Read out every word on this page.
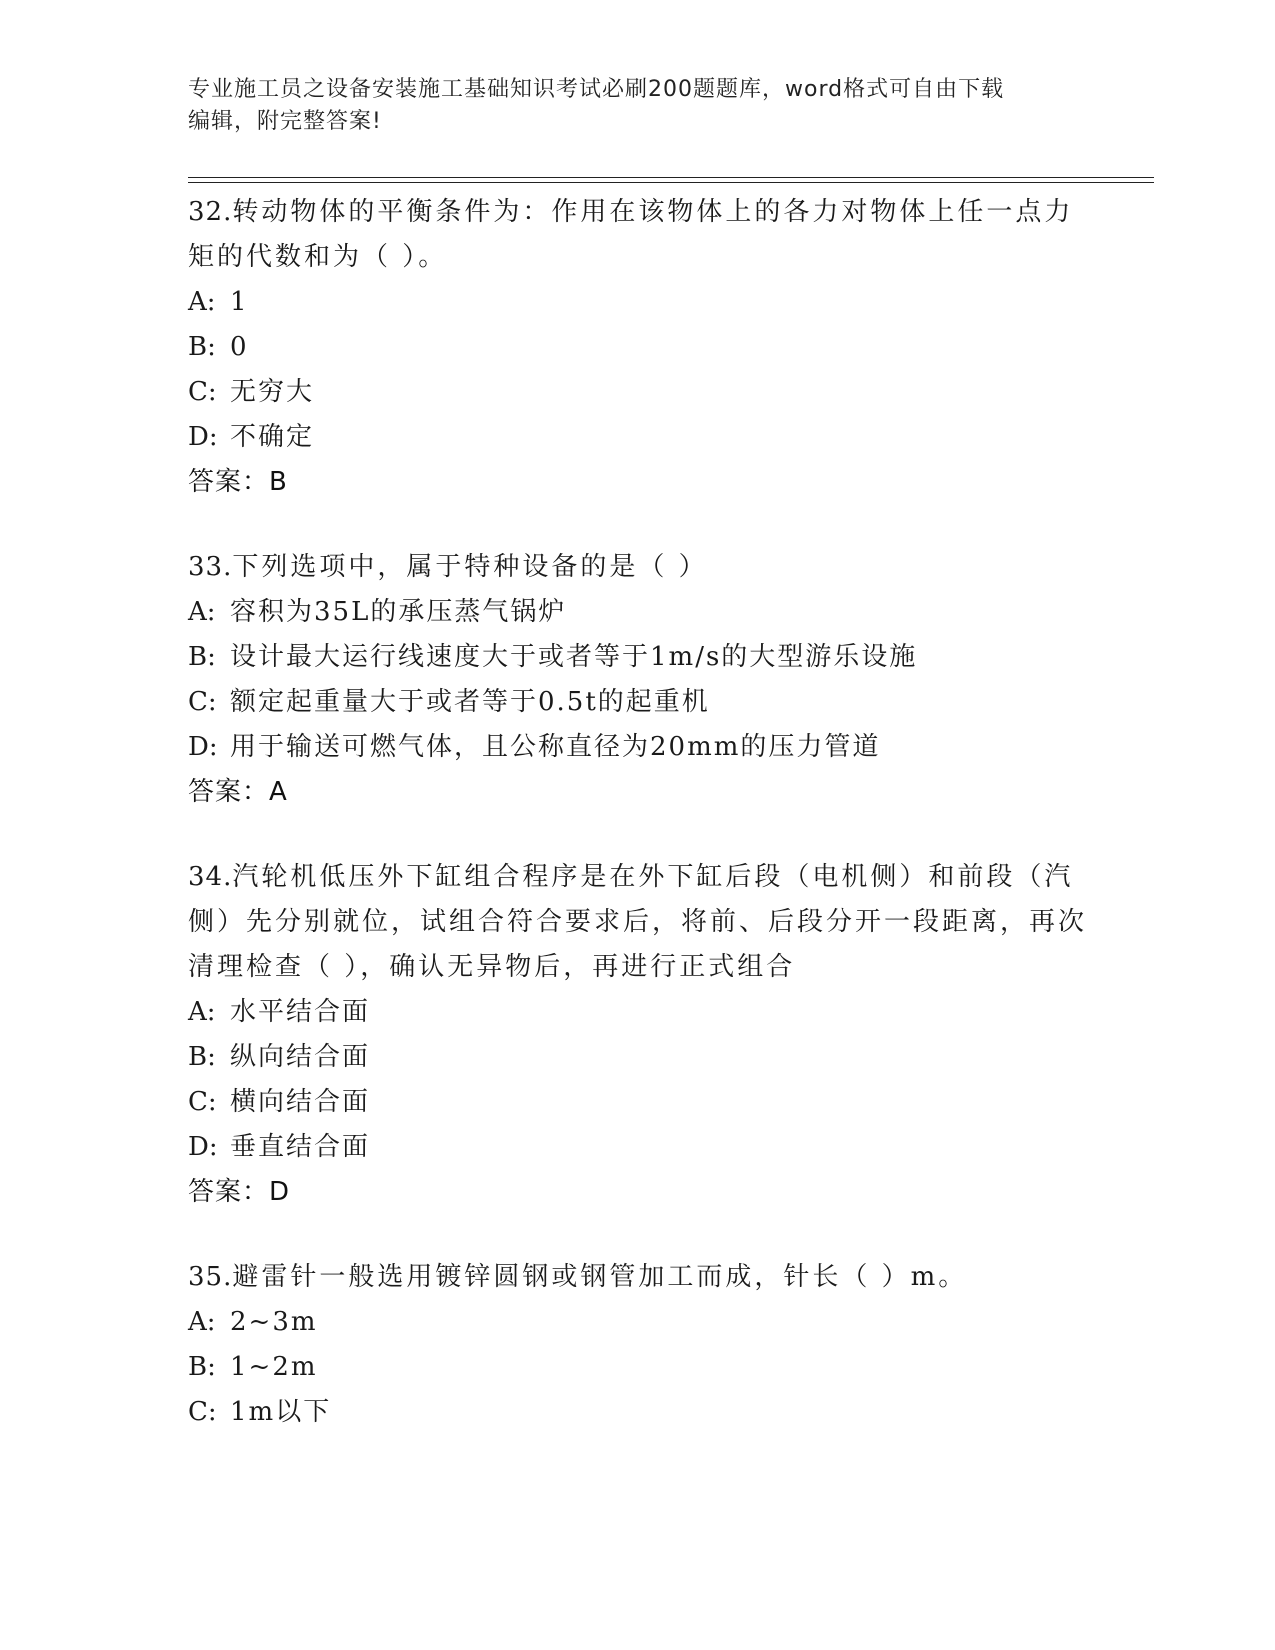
专业施工员之设备安装施工基础知识考试必刷200题题库，word格式可自由下载
编辑，附完整答案!

32.转动物体的平衡条件为：作用在该物体上的各力对物体上任一点力矩的代数和为（ ）。

A: 1
B: 0
C: 无穷大
D: 不确定
答案：B

33.下列选项中，属于特种设备的是（ ）

A: 容积为35L的承压蒸气锅炉
B: 设计最大运行线速度大于或者等于1m/s的大型游乐设施
C: 额定起重量大于或者等于0.5t的起重机
D: 用于输送可燃气体，且公称直径为20mm的压力管道
答案：A

34.汽轮机低压外下缸组合程序是在外下缸后段（电机侧）和前段（汽侧）先分别就位，试组合符合要求后，将前、后段分开一段距离，再次清理检查（ ），确认无异物后，再进行正式组合

A: 水平结合面
B: 纵向结合面
C: 横向结合面
D: 垂直结合面
答案：D

35.避雷针一般选用镀锌圆钢或钢管加工而成，针长（ ）m。

A: 2~3m
B: 1~2m
C: 1m以下
